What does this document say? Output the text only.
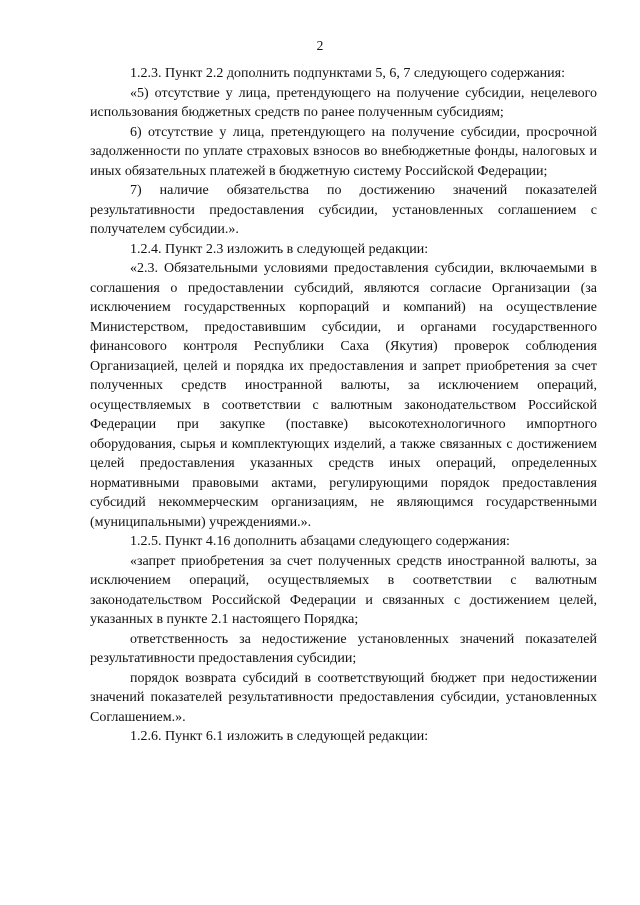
2

1.2.3. Пункт 2.2 дополнить подпунктами 5, 6, 7 следующего содержания:

«5) отсутствие у лица, претендующего на получение субсидии, нецелевого использования бюджетных средств по ранее полученным субсидиям;

6) отсутствие у лица, претендующего на получение субсидии, просрочной задолженности по уплате страховых взносов во внебюджетные фонды, налоговых и иных обязательных платежей в бюджетную систему Российской Федерации;

7) наличие обязательства по достижению значений показателей результативности предоставления субсидии, установленных соглашением с получателем субсидии.».

1.2.4. Пункт 2.3 изложить в следующей редакции:

«2.3. Обязательными условиями предоставления субсидии, включаемыми в соглашения о предоставлении субсидий, являются согласие Организации (за исключением государственных корпораций и компаний) на осуществление Министерством, предоставившим субсидии, и органами государственного финансового контроля Республики Саха (Якутия) проверок соблюдения Организацией, целей и порядка их предоставления и запрет приобретения за счет полученных средств иностранной валюты, за исключением операций, осуществляемых в соответствии с валютным законодательством Российской Федерации при закупке (поставке) высокотехнологичного импортного оборудования, сырья и комплектующих изделий, а также связанных с достижением целей предоставления указанных средств иных операций, определенных нормативными правовыми актами, регулирующими порядок предоставления субсидий некоммерческим организациям, не являющимся государственными (муниципальными) учреждениями.».

1.2.5. Пункт 4.16 дополнить абзацами следующего содержания:

«запрет приобретения за счет полученных средств иностранной валюты, за исключением операций, осуществляемых в соответствии с валютным законодательством Российской Федерации и связанных с достижением целей, указанных в пункте 2.1 настоящего Порядка;

ответственность за недостижение установленных значений показателей результативности предоставления субсидии;

порядок возврата субсидий в соответствующий бюджет при недостижении значений показателей результативности предоставления субсидии, установленных Соглашением.».

1.2.6. Пункт 6.1 изложить в следующей редакции:
